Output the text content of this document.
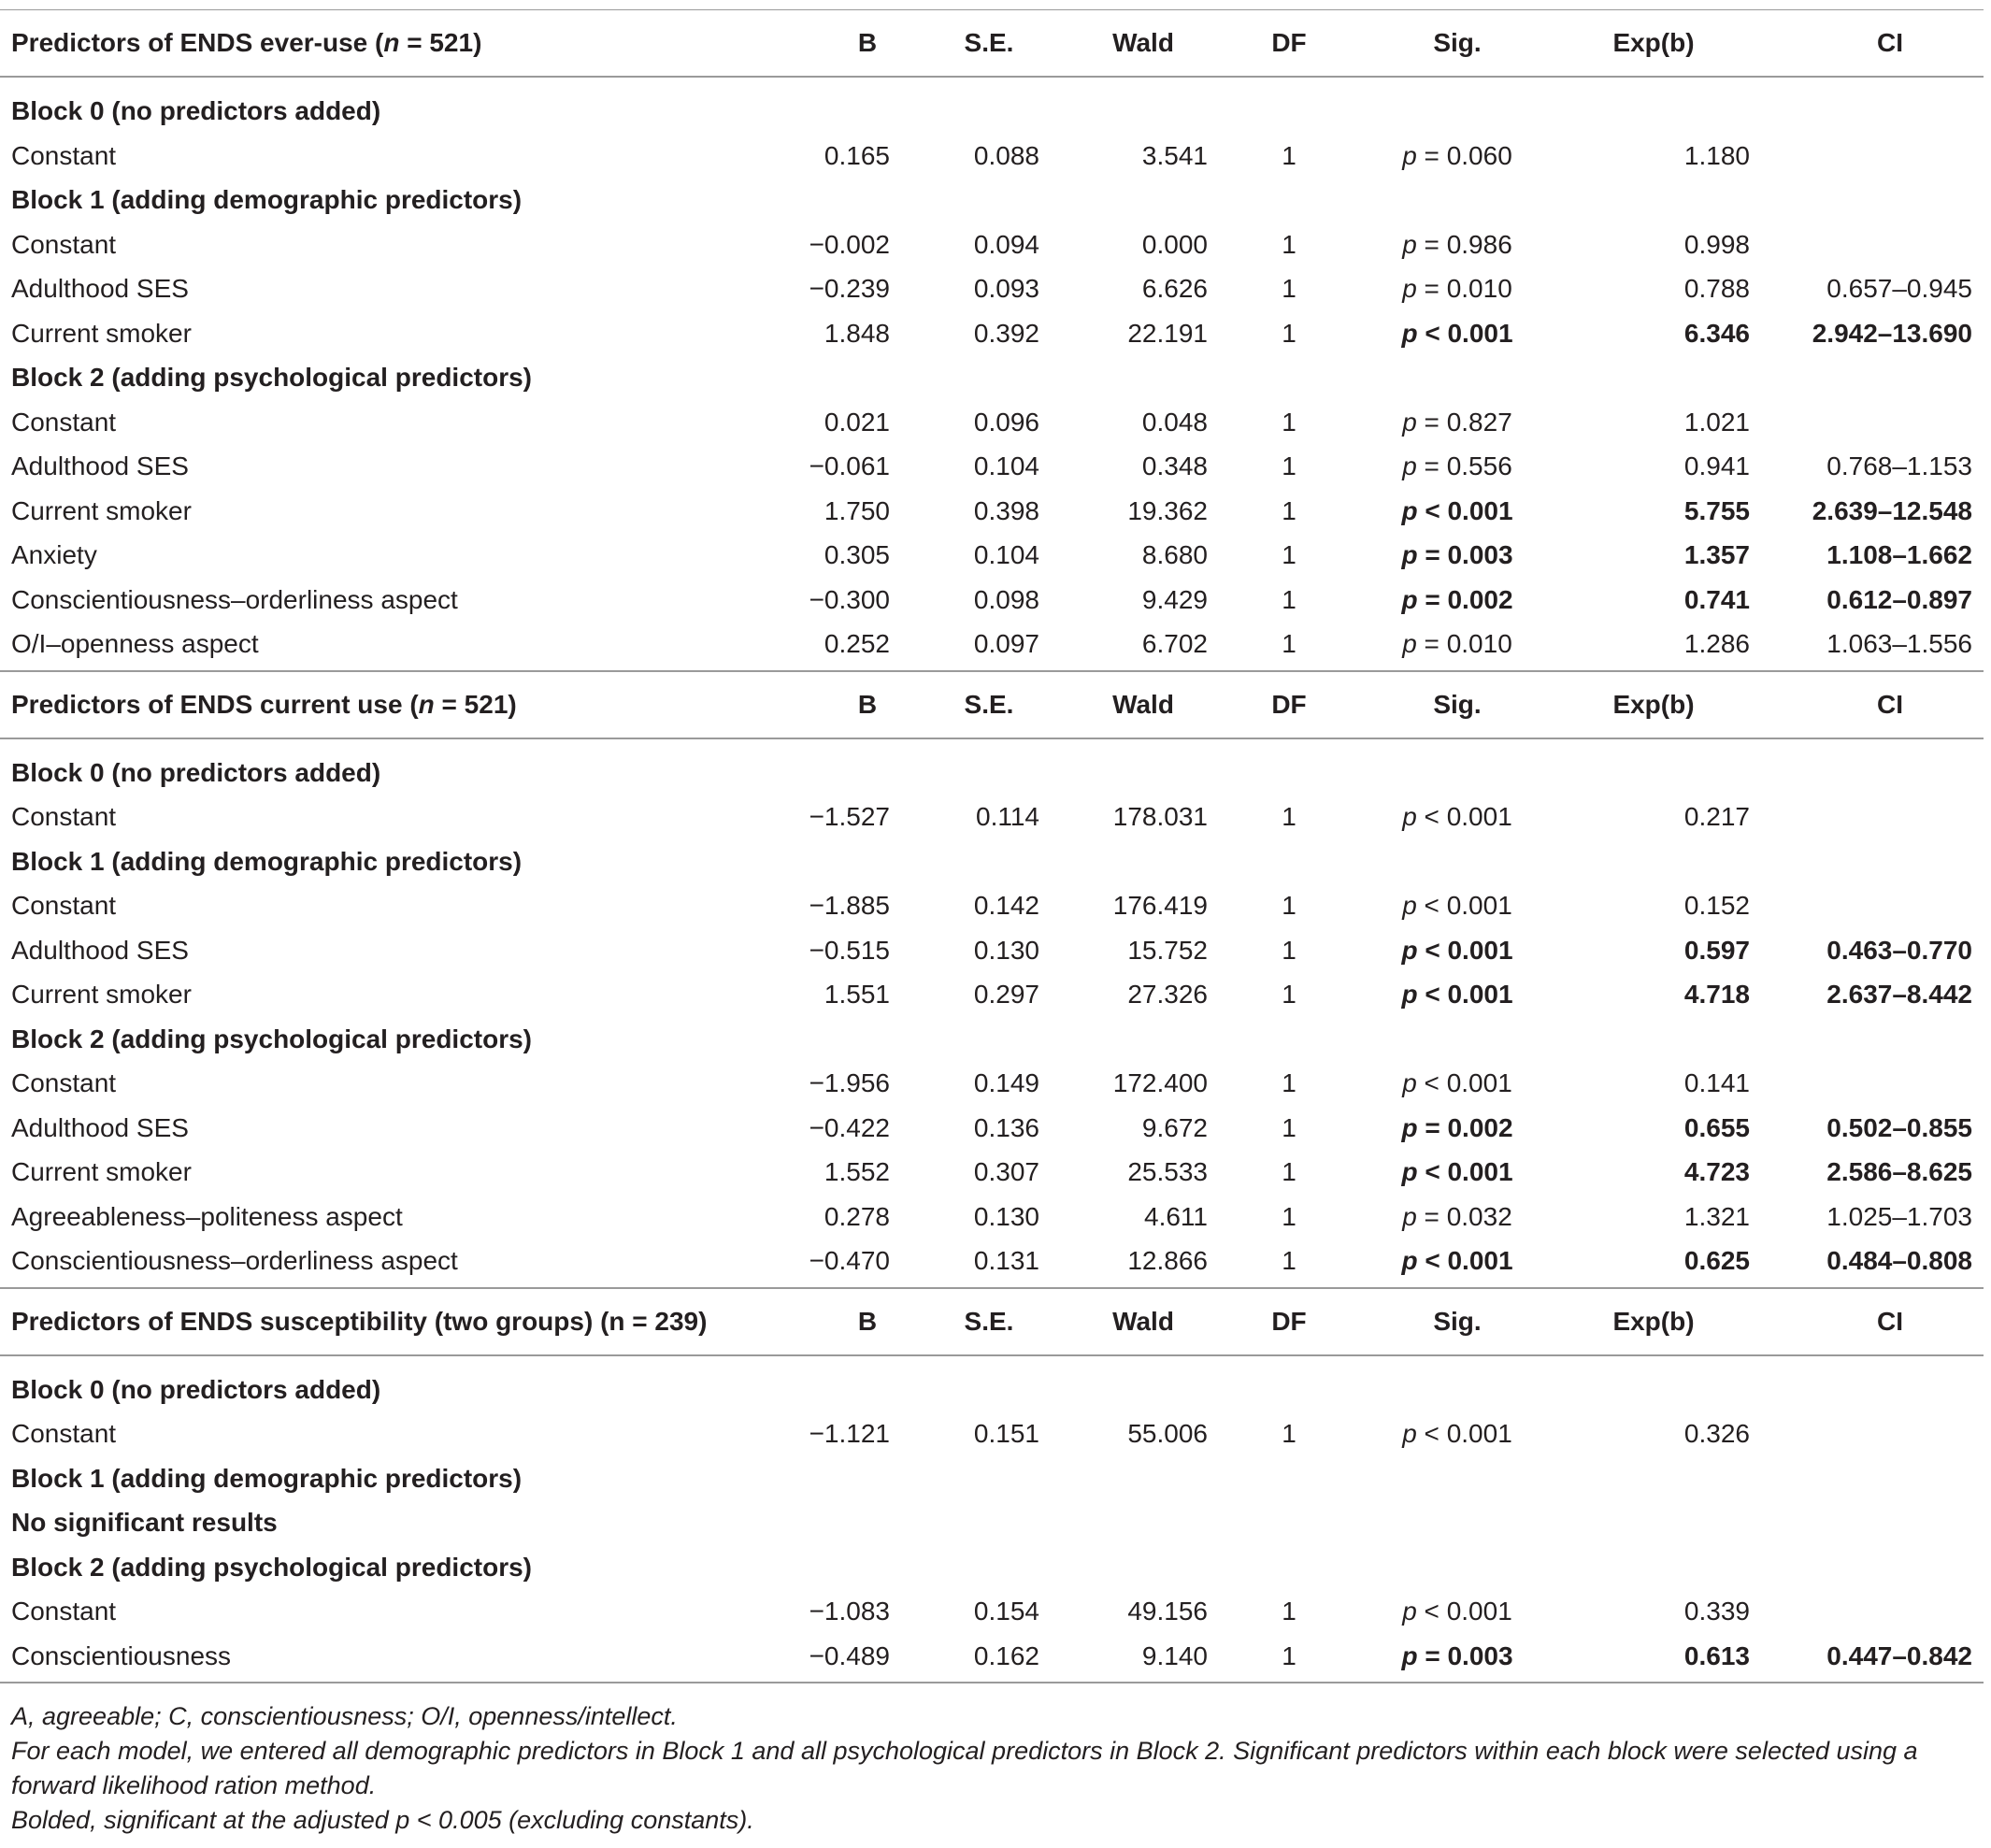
Predictors of ENDS ever-use (n = 521)	B	S.E.	Wald	DF	Sig.	Exp(b)	CI

Block 0 (no predictors added)							
Constant	0.165	0.088	3.541	1	p = 0.060	1.180	
Block 1 (adding demographic predictors)							
Constant	−0.002	0.094	0.000	1	p = 0.986	0.998	
Adulthood SES	−0.239	0.093	6.626	1	p = 0.010	0.788	0.657–0.945
Current smoker	1.848	0.392	22.191	1	p < 0.001	6.346	2.942–13.690
Block 2 (adding psychological predictors)							
Constant	0.021	0.096	0.048	1	p = 0.827	1.021	
Adulthood SES	−0.061	0.104	0.348	1	p = 0.556	0.941	0.768–1.153
Current smoker	1.750	0.398	19.362	1	p < 0.001	5.755	2.639–12.548
Anxiety	0.305	0.104	8.680	1	p = 0.003	1.357	1.108–1.662
Conscientiousness–orderliness aspect	−0.300	0.098	9.429	1	p = 0.002	0.741	0.612–0.897
O/I–openness aspect	0.252	0.097	6.702	1	p = 0.010	1.286	1.063–1.556
Predictors of ENDS current use (n = 521)	B	S.E.	Wald	DF	Sig.	Exp(b)	CI

Block 0 (no predictors added)							
Constant	−1.527	0.114	178.031	1	p < 0.001	0.217	
Block 1 (adding demographic predictors)							
Constant	−1.885	0.142	176.419	1	p < 0.001	0.152	
Adulthood SES	−0.515	0.130	15.752	1	p < 0.001	0.597	0.463–0.770
Current smoker	1.551	0.297	27.326	1	p < 0.001	4.718	2.637–8.442
Block 2 (adding psychological predictors)							
Constant	−1.956	0.149	172.400	1	p < 0.001	0.141	
Adulthood SES	−0.422	0.136	9.672	1	p = 0.002	0.655	0.502–0.855
Current smoker	1.552	0.307	25.533	1	p < 0.001	4.723	2.586–8.625
Agreeableness–politeness aspect	0.278	0.130	4.611	1	p = 0.032	1.321	1.025–1.703
Conscientiousness–orderliness aspect	−0.470	0.131	12.866	1	p < 0.001	0.625	0.484–0.808
Predictors of ENDS susceptibility (two groups) (n = 239)	B	S.E.	Wald	DF	Sig.	Exp(b)	CI

Block 0 (no predictors added)							
Constant	−1.121	0.151	55.006	1	p < 0.001	0.326	
Block 1 (adding demographic predictors)							
No significant results							
Block 2 (adding psychological predictors)							
Constant	−1.083	0.154	49.156	1	p < 0.001	0.339	
Conscientiousness	−0.489	0.162	9.140	1	p = 0.003	0.613	0.447–0.842

A, agreeable; C, conscientiousness; O/I, openness/intellect.

For each model, we entered all demographic predictors in Block 1 and all psychological predictors in Block 2. Significant predictors within each block were selected using a forward likelihood ration method.

Bolded, significant at the adjusted p < 0.005 (excluding constants).
